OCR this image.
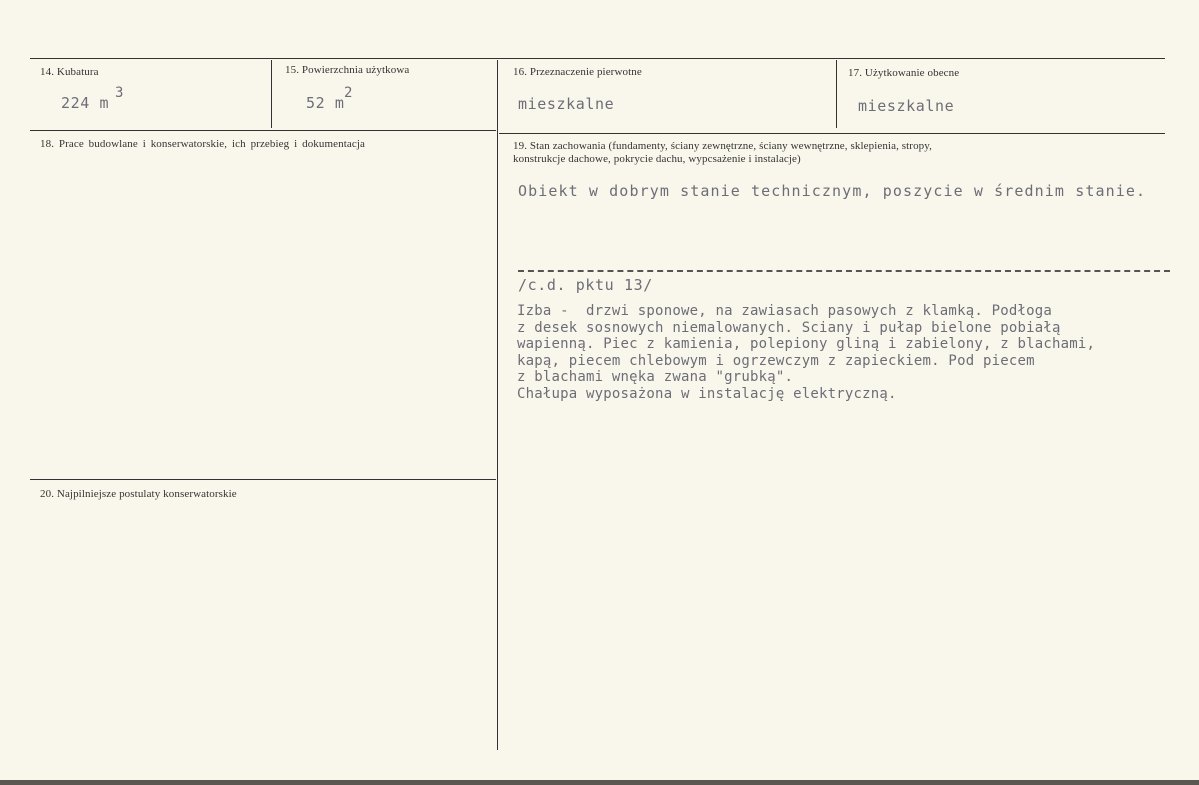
14. Kubatura
224 m
3
15. Powierzchnia użytkowa
52 m
2
16. Przeznaczenie pierwotne
mieszkalne
17. Użytkowanie obecne
mieszkalne
18. Prace budowlane i konserwatorskie, ich przebieg i dokumentacja	19. Stan zachowania (fundamenty, ściany zewnętrzne, ściany wewnętrzne, sklepienia, stropy,
konstrukcje dachowe, pokrycie dachu, wypcsażenie i instalacje)
Obiekt w dobrym stanie technicznym, poszycie w średnim stanie.
/c.d. pktu 13/
Izba -  drzwi sponowe, na zawiasach pasowych z klamką. Podłoga
z desek sosnowych niemalowanych. Sciany i pułap bielone pobiałą
wapienną. Piec z kamienia, polepiony gliną i zabielony, z blachami,
kapą, piecem chlebowym i ogrzewczym z zapieckiem. Pod piecem
z blachami wnęka zwana "grubką".
Chałupa wyposażona w instalację elektryczną.
20. Najpilniejsze postulaty konserwatorskie
